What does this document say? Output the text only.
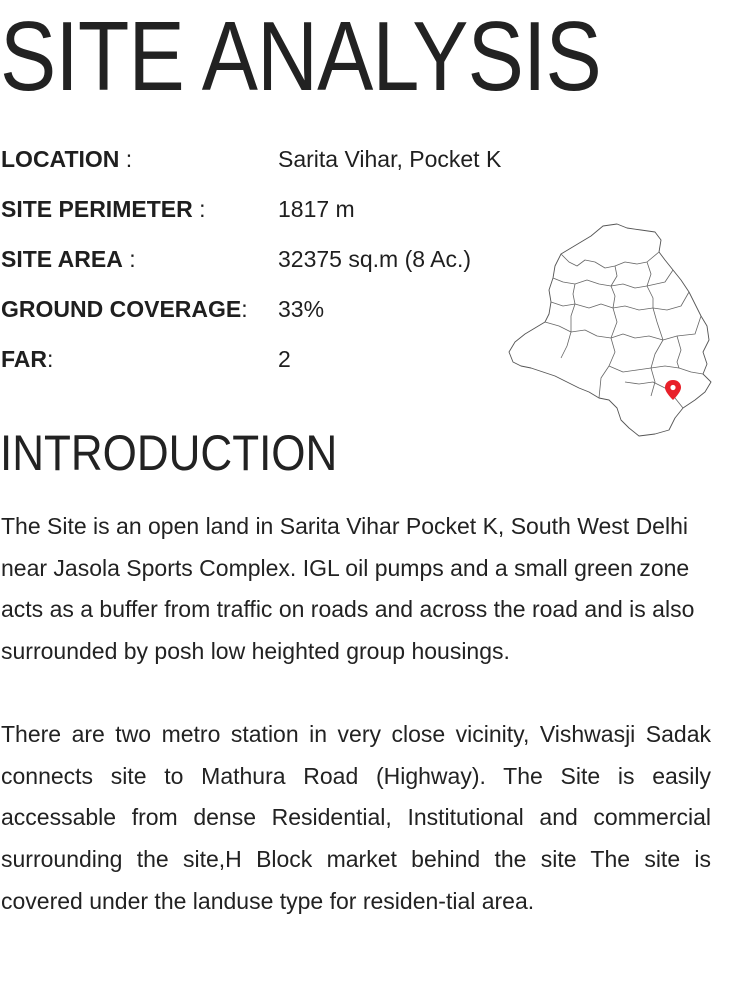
SITE ANALYSIS
LOCATION :	Sarita Vihar, Pocket K
SITE PERIMETER :	1817 m
SITE AREA :	32375 sq.m (8 Ac.)
GROUND COVERAGE: 33%
FAR:	2
INTRODUCTION

The Site is an open land in Sarita Vihar Pocket K, South West Delhi near Jasola Sports Complex. IGL oil pumps and a small green zone acts as a buffer from traffic on roads and across the road and is also surrounded by posh low heighted group housings.

There are two metro station in very close vicinity, Vishwasji Sadak connects site to Mathura Road (Highway). The Site is easily accessable from dense Residential, Institutional and commercial surrounding the site,H Block market behind the site The site is covered under the landuse type for residen-tial area.
